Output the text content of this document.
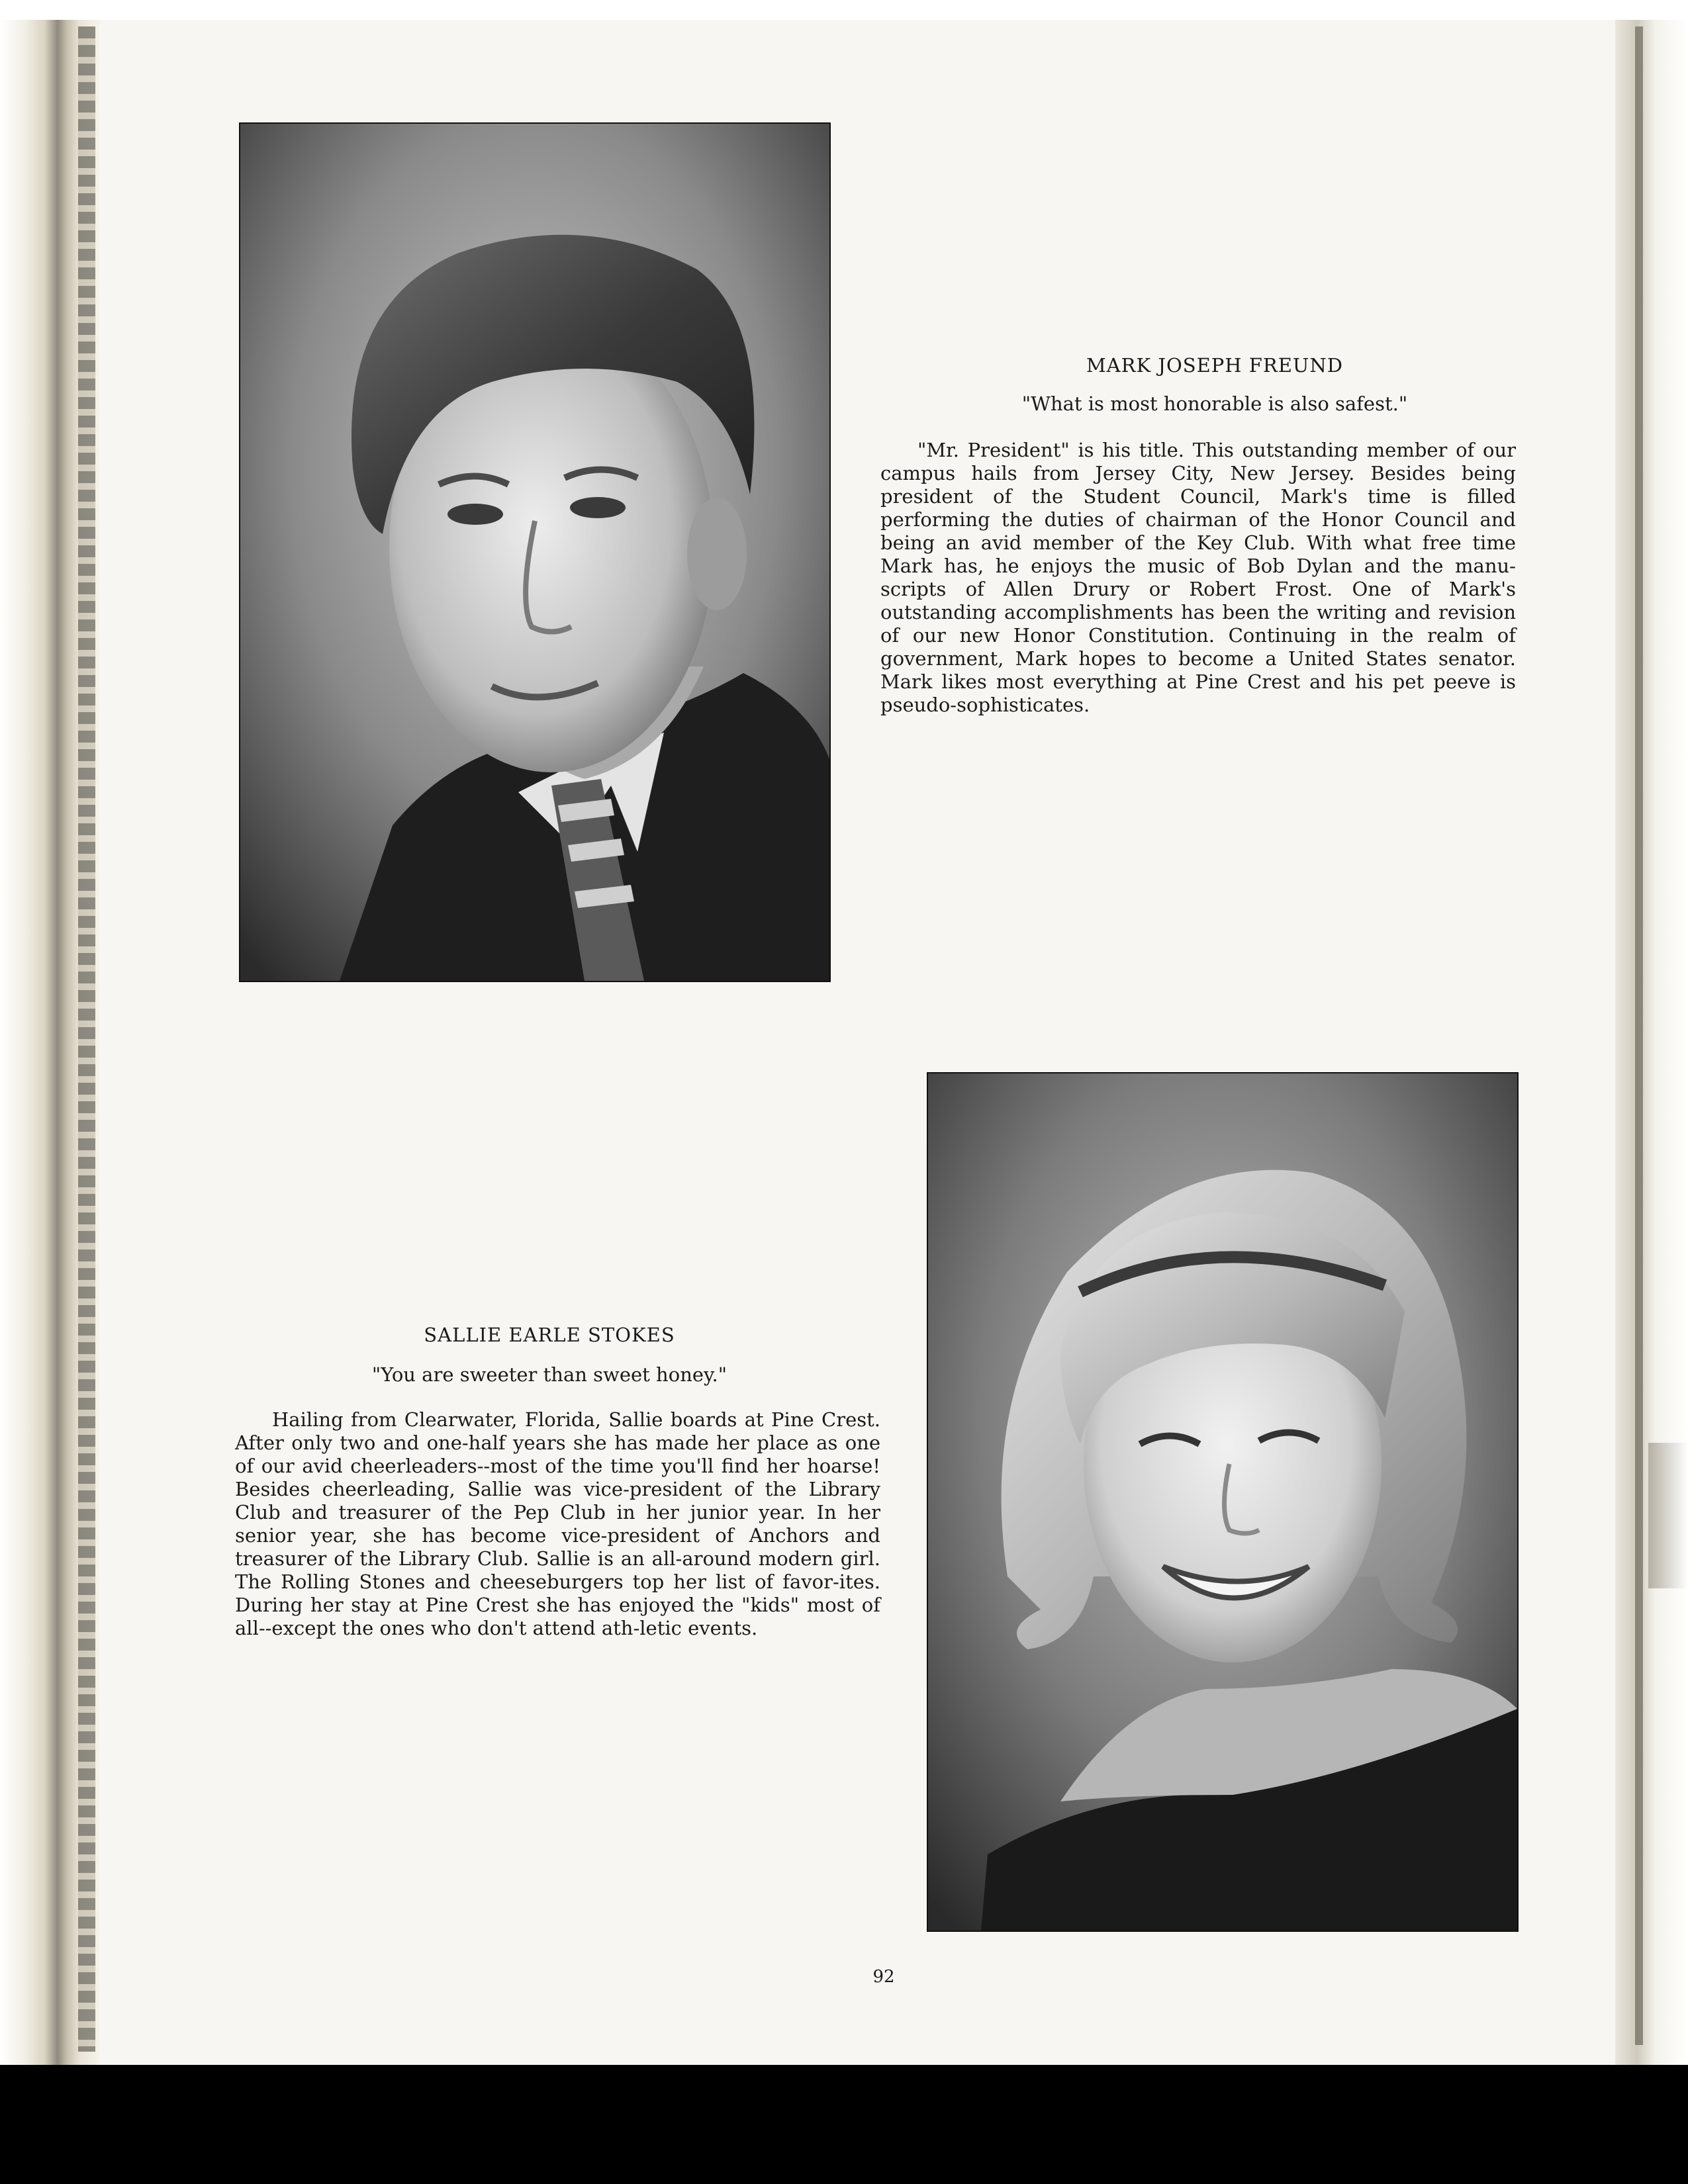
MARK JOSEPH FREUND
"What is most honorable is also safest."

"Mr. President" is his title. This outstanding member of our campus hails from Jersey City, New Jersey. Besides being president of the Student Council, Mark's time is filled performing the duties of chairman of the Honor Council and being an avid member of the Key Club. With what free time Mark has, he enjoys the music of Bob Dylan and the manu-scripts of Allen Drury or Robert Frost. One of Mark's outstanding accomplishments has been the writing and revision of our new Honor Constitution. Continuing in the realm of government, Mark hopes to become a United States senator. Mark likes most everything at Pine Crest and his pet peeve is pseudo-sophisticates.

SALLIE EARLE STOKES
"You are sweeter than sweet honey."

Hailing from Clearwater, Florida, Sallie boards at Pine Crest. After only two and one-half years she has made her place as one of our avid cheerleaders--most of the time you'll find her hoarse! Besides cheerleading, Sallie was vice-president of the Library Club and treasurer of the Pep Club in her junior year. In her senior year, she has become vice-president of Anchors and treasurer of the Library Club. Sallie is an all-around modern girl. The Rolling Stones and cheeseburgers top her list of favor-ites. During her stay at Pine Crest she has enjoyed the "kids" most of all--except the ones who don't attend ath-letic events.

92
